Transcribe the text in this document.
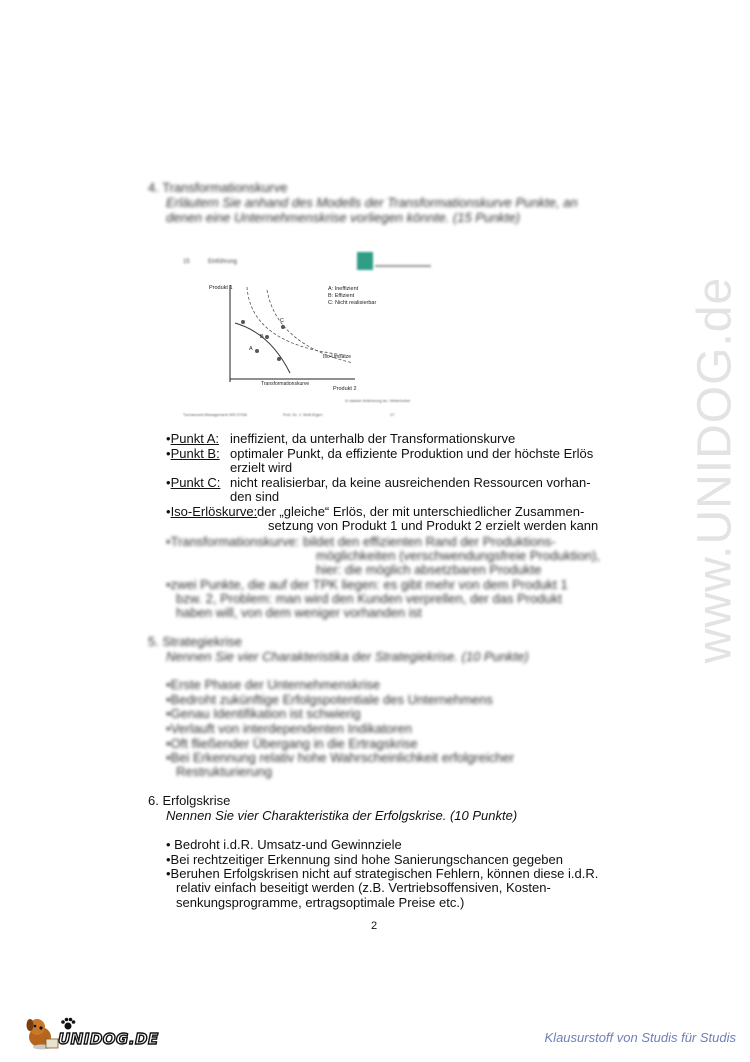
www.UNIDOG.de
4. Transformationskurve
Erläutern Sie anhand des Modells der Transformationskurve Punkte, an
denen eine Unternehmenskrise vorliegen könnte. (15 Punkte)
15	Einführung
Produkt 1
Produkt 2
A
B
C
A: Ineffizient
B: Effizient
C: Nicht realisierbar
Iso-Umsätze
Transformationskurve
In starker Anlehnung an: Hinterhuber
Turnaround Management WS 07/08	Prof. Dr. J. Wolf-Eigen	27
•Punkt A: ineffizient, da unterhalb der Transformationskurve
•Punkt B: optimaler Punkt, da effiziente Produktion und der höchste Erlös
erzielt wird
•Punkt C: nicht realisierbar, da keine ausreichenden Ressourcen vorhan-
den sind
•Iso-Erlöskurve: der „gleiche“ Erlös, der mit unterschiedlicher Zusammen-
setzung von Produkt 1 und Produkt 2 erzielt werden kann
•Transformationskurve: bildet den effizienten Rand der Produktions-
möglichkeiten (verschwendungsfreie Produktion),
hier: die möglich absetzbaren Produkte
•zwei Punkte, die auf der TPK liegen: es gibt mehr von dem Produkt 1
bzw. 2, Problem: man wird den Kunden verprellen, der das Produkt
haben will, von dem weniger vorhanden ist
5. Strategiekrise
Nennen Sie vier Charakteristika der Strategiekrise. (10 Punkte)
•Erste Phase der Unternehmenskrise
•Bedroht zukünftige Erfolgspotentiale des Unternehmens
•Genau Identifikation ist schwierig
•Verlauft von interdependenten Indikatoren
•Oft fließender Übergang in die Ertragskrise
•Bei Erkennung relativ hohe Wahrscheinlichkeit erfolgreicher
Restrukturierung
6. Erfolgskrise
Nennen Sie vier Charakteristika der Erfolgskrise. (10 Punkte)
• Bedroht i.d.R. Umsatz-und Gewinnziele
•Bei rechtzeitiger Erkennung sind hohe Sanierungschancen gegeben
•Beruhen Erfolgskrisen nicht auf strategischen Fehlern, können diese i.d.R.
relativ einfach beseitigt werden (z.B. Vertriebsoffensiven, Kosten-
senkungsprogramme, ertragsoptimale Preise etc.)
2
UNIDOG.DE	Klausurstoff von Studis für Studis
